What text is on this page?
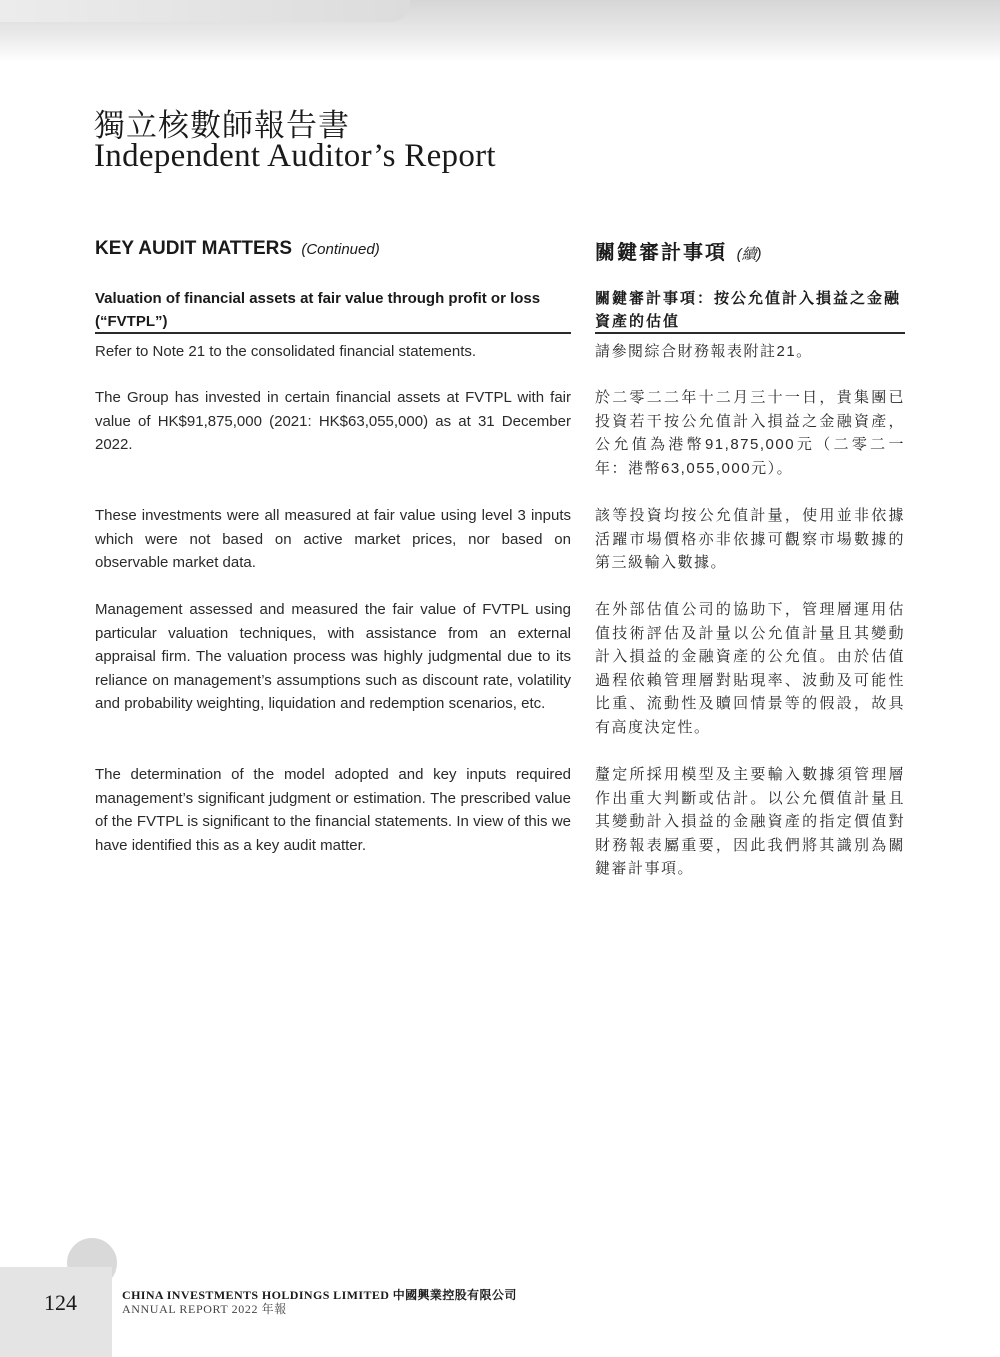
獨立核數師報告書
Independent Auditor’s Report
KEY AUDIT MATTERS (Continued)	關鍵審計事項 (續)
Valuation of financial assets at fair value through profit or loss (“FVTPL”)
關鍵審計事項：按公允值計入損益之金融資產的估值

Refer to Note 21 to the consolidated financial statements.	請參閱綜合財務報表附註21。

The Group has invested in certain financial assets at FVTPL with fair value of HK$91,875,000 (2021: HK$63,055,000) as at 31 December 2022.

於二零二二年十二月三十一日，貴集團已投資若干按公允值計入損益之金融資產，公允值為港幣91,875,000元（二零二一年：港幣63,055,000元）。

These investments were all measured at fair value using level 3 inputs which were not based on active market prices, nor based on observable market data.

該等投資均按公允值計量，使用並非依據活躍市場價格亦非依據可觀察市場數據的第三級輸入數據。

Management assessed and measured the fair value of FVTPL using particular valuation techniques, with assistance from an external appraisal firm. The valuation process was highly judgmental due to its reliance on management’s assumptions such as discount rate, volatility and probability weighting, liquidation and redemption scenarios, etc.

在外部估值公司的協助下，管理層運用估值技術評估及計量以公允值計量且其變動計入損益的金融資產的公允值。由於估值過程依賴管理層對貼現率、波動及可能性比重、流動性及贖回情景等的假設，故具有高度決定性。

The determination of the model adopted and key inputs required management’s significant judgment or estimation. The prescribed value of the FVTPL is significant to the financial statements. In view of this we have identified this as a key audit matter.

釐定所採用模型及主要輸入數據須管理層作出重大判斷或估計。以公允價值計量且其變動計入損益的金融資產的指定價值對財務報表屬重要，因此我們將其識別為關鍵審計事項。

124	CHINA INVESTMENTS HOLDINGS LIMITED 中國興業控股有限公司
ANNUAL REPORT 2022 年報
